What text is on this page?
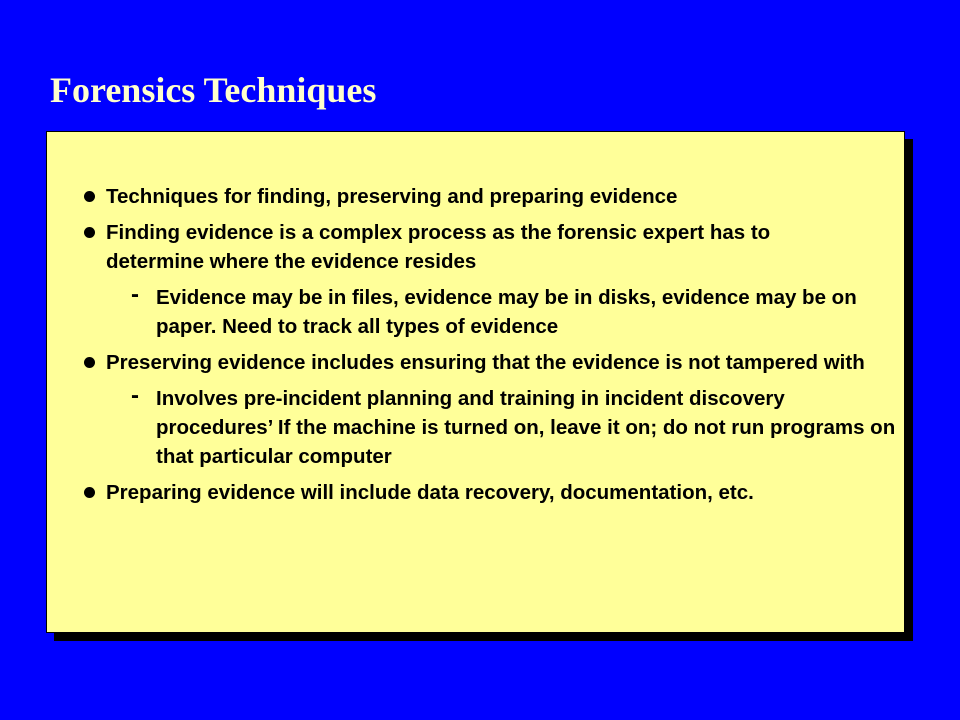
Forensics Techniques
Techniques for finding, preserving and preparing evidence
Finding evidence is a complex process as the forensic expert has to determine where the evidence resides
- Evidence may be in files, evidence may be in disks, evidence may be on paper. Need to track all types of evidence
Preserving evidence includes ensuring that the evidence is not tampered with
- Involves pre-incident planning and training in incident discovery procedures’ If the machine is turned on, leave it on; do not run programs on that particular computer
Preparing evidence will include data recovery, documentation, etc.
